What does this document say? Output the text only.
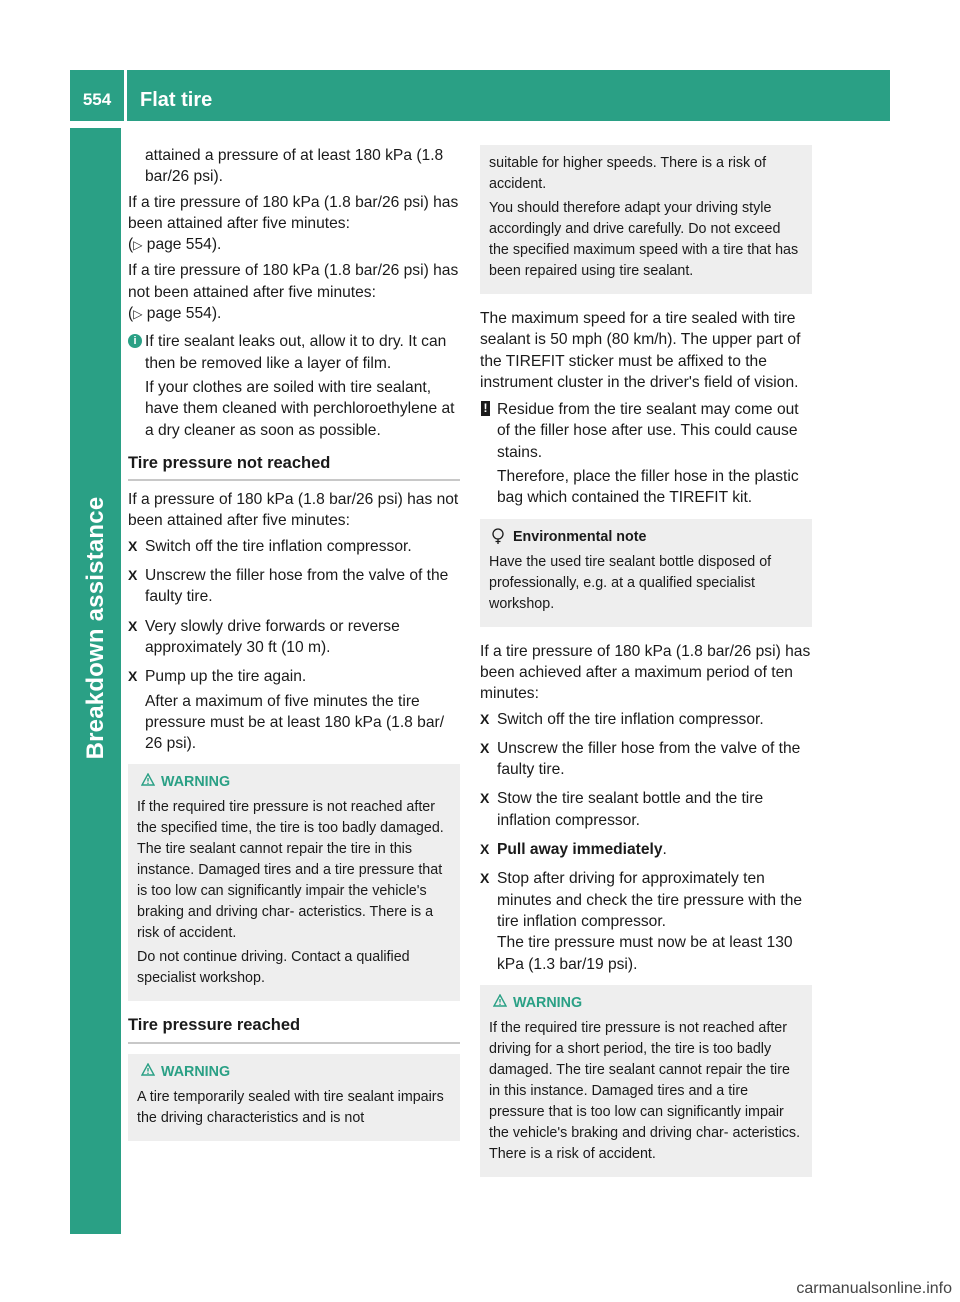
554	Flat tire
Breakdown assistance

attained a pressure of at least 180 kPa (1.8 bar/26 psi).

If a tire pressure of 180 kPa (1.8 bar/26 psi) has been attained after five minutes:
(▷ page 554).

If a tire pressure of 180 kPa (1.8 bar/26 psi) has not been attained after five minutes:
(▷ page 554).

i If tire sealant leaks out, allow it to dry. It can then be removed like a layer of film.

If your clothes are soiled with tire sealant, have them cleaned with perchloroethylene at a dry cleaner as soon as possible.

Tire pressure not reached

If a pressure of 180 kPa (1.8 bar/26 psi) has not been attained after five minutes:

X Switch off the tire inflation compressor.

X Unscrew the filler hose from the valve of the faulty tire.

X Very slowly drive forwards or reverse approximately 30 ft (10 m).

X Pump up the tire again.

After a maximum of five minutes the tire pressure must be at least 180 kPa (1.8 bar/ 26 psi).

WARNING

If the required tire pressure is not reached after the specified time, the tire is too badly damaged. The tire sealant cannot repair the tire in this instance. Damaged tires and a tire pressure that is too low can significantly impair the vehicle's braking and driving char- acteristics. There is a risk of accident.

Do not continue driving. Contact a qualified specialist workshop.

Tire pressure reached
WARNING

A tire temporarily sealed with tire sealant impairs the driving characteristics and is not

suitable for higher speeds. There is a risk of accident.

You should therefore adapt your driving style accordingly and drive carefully. Do not exceed the specified maximum speed with a tire that has been repaired using tire sealant.

The maximum speed for a tire sealed with tire sealant is 50 mph (80 km/h). The upper part of the TIREFIT sticker must be affixed to the instrument cluster in the driver's field of vision.

! Residue from the tire sealant may come out of the filler hose after use. This could cause stains.

Therefore, place the filler hose in the plastic bag which contained the TIREFIT kit.

Environmental note

Have the used tire sealant bottle disposed of professionally, e.g. at a qualified specialist workshop.

If a tire pressure of 180 kPa (1.8 bar/26 psi) has been achieved after a maximum period of ten minutes:

X Switch off the tire inflation compressor.

X Unscrew the filler hose from the valve of the faulty tire.

X Stow the tire sealant bottle and the tire inflation compressor.

X Pull away immediately.

X Stop after driving for approximately ten minutes and check the tire pressure with the tire inflation compressor.

The tire pressure must now be at least 130 kPa (1.3 bar/19 psi).

WARNING

If the required tire pressure is not reached after driving for a short period, the tire is too badly damaged. The tire sealant cannot repair the tire in this instance. Damaged tires and a tire pressure that is too low can significantly impair the vehicle's braking and driving char- acteristics. There is a risk of accident.

carmanualsonline.info
